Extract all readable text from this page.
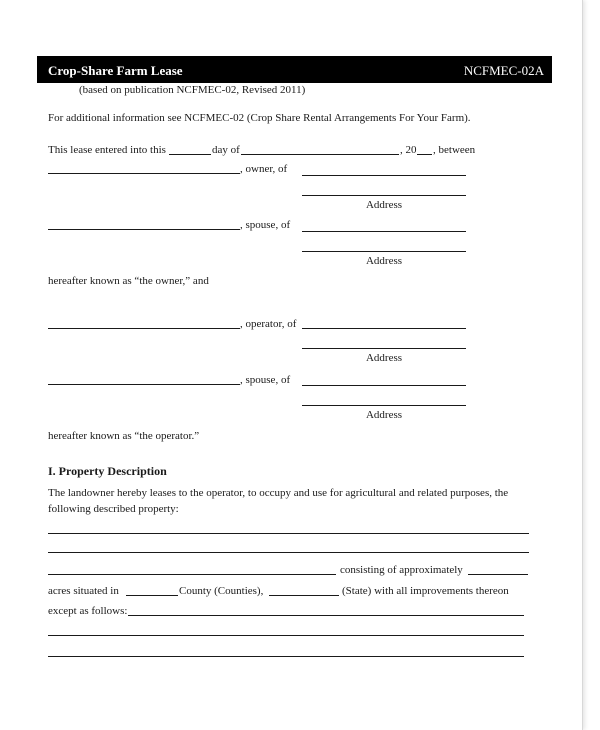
Crop-Share Farm Lease	NCFMEC-02A
(based on publication NCFMEC-02, Revised 2011)
For additional information see NCFMEC-02 (Crop Share Rental Arrangements For Your Farm).
This lease entered into this	day of	, 20 , between
, owner, of
Address
, spouse, of
Address
hereafter known as “the owner,” and
, operator, of
Address
, spouse, of
Address
hereafter known as “the operator.”
I. Property Description
The landowner hereby leases to the operator, to occupy and use for agricultural and related purposes, the
following described property:
consisting of approximately
acres situated in	County (Counties),	(State) with all improvements thereon
except as follows:
